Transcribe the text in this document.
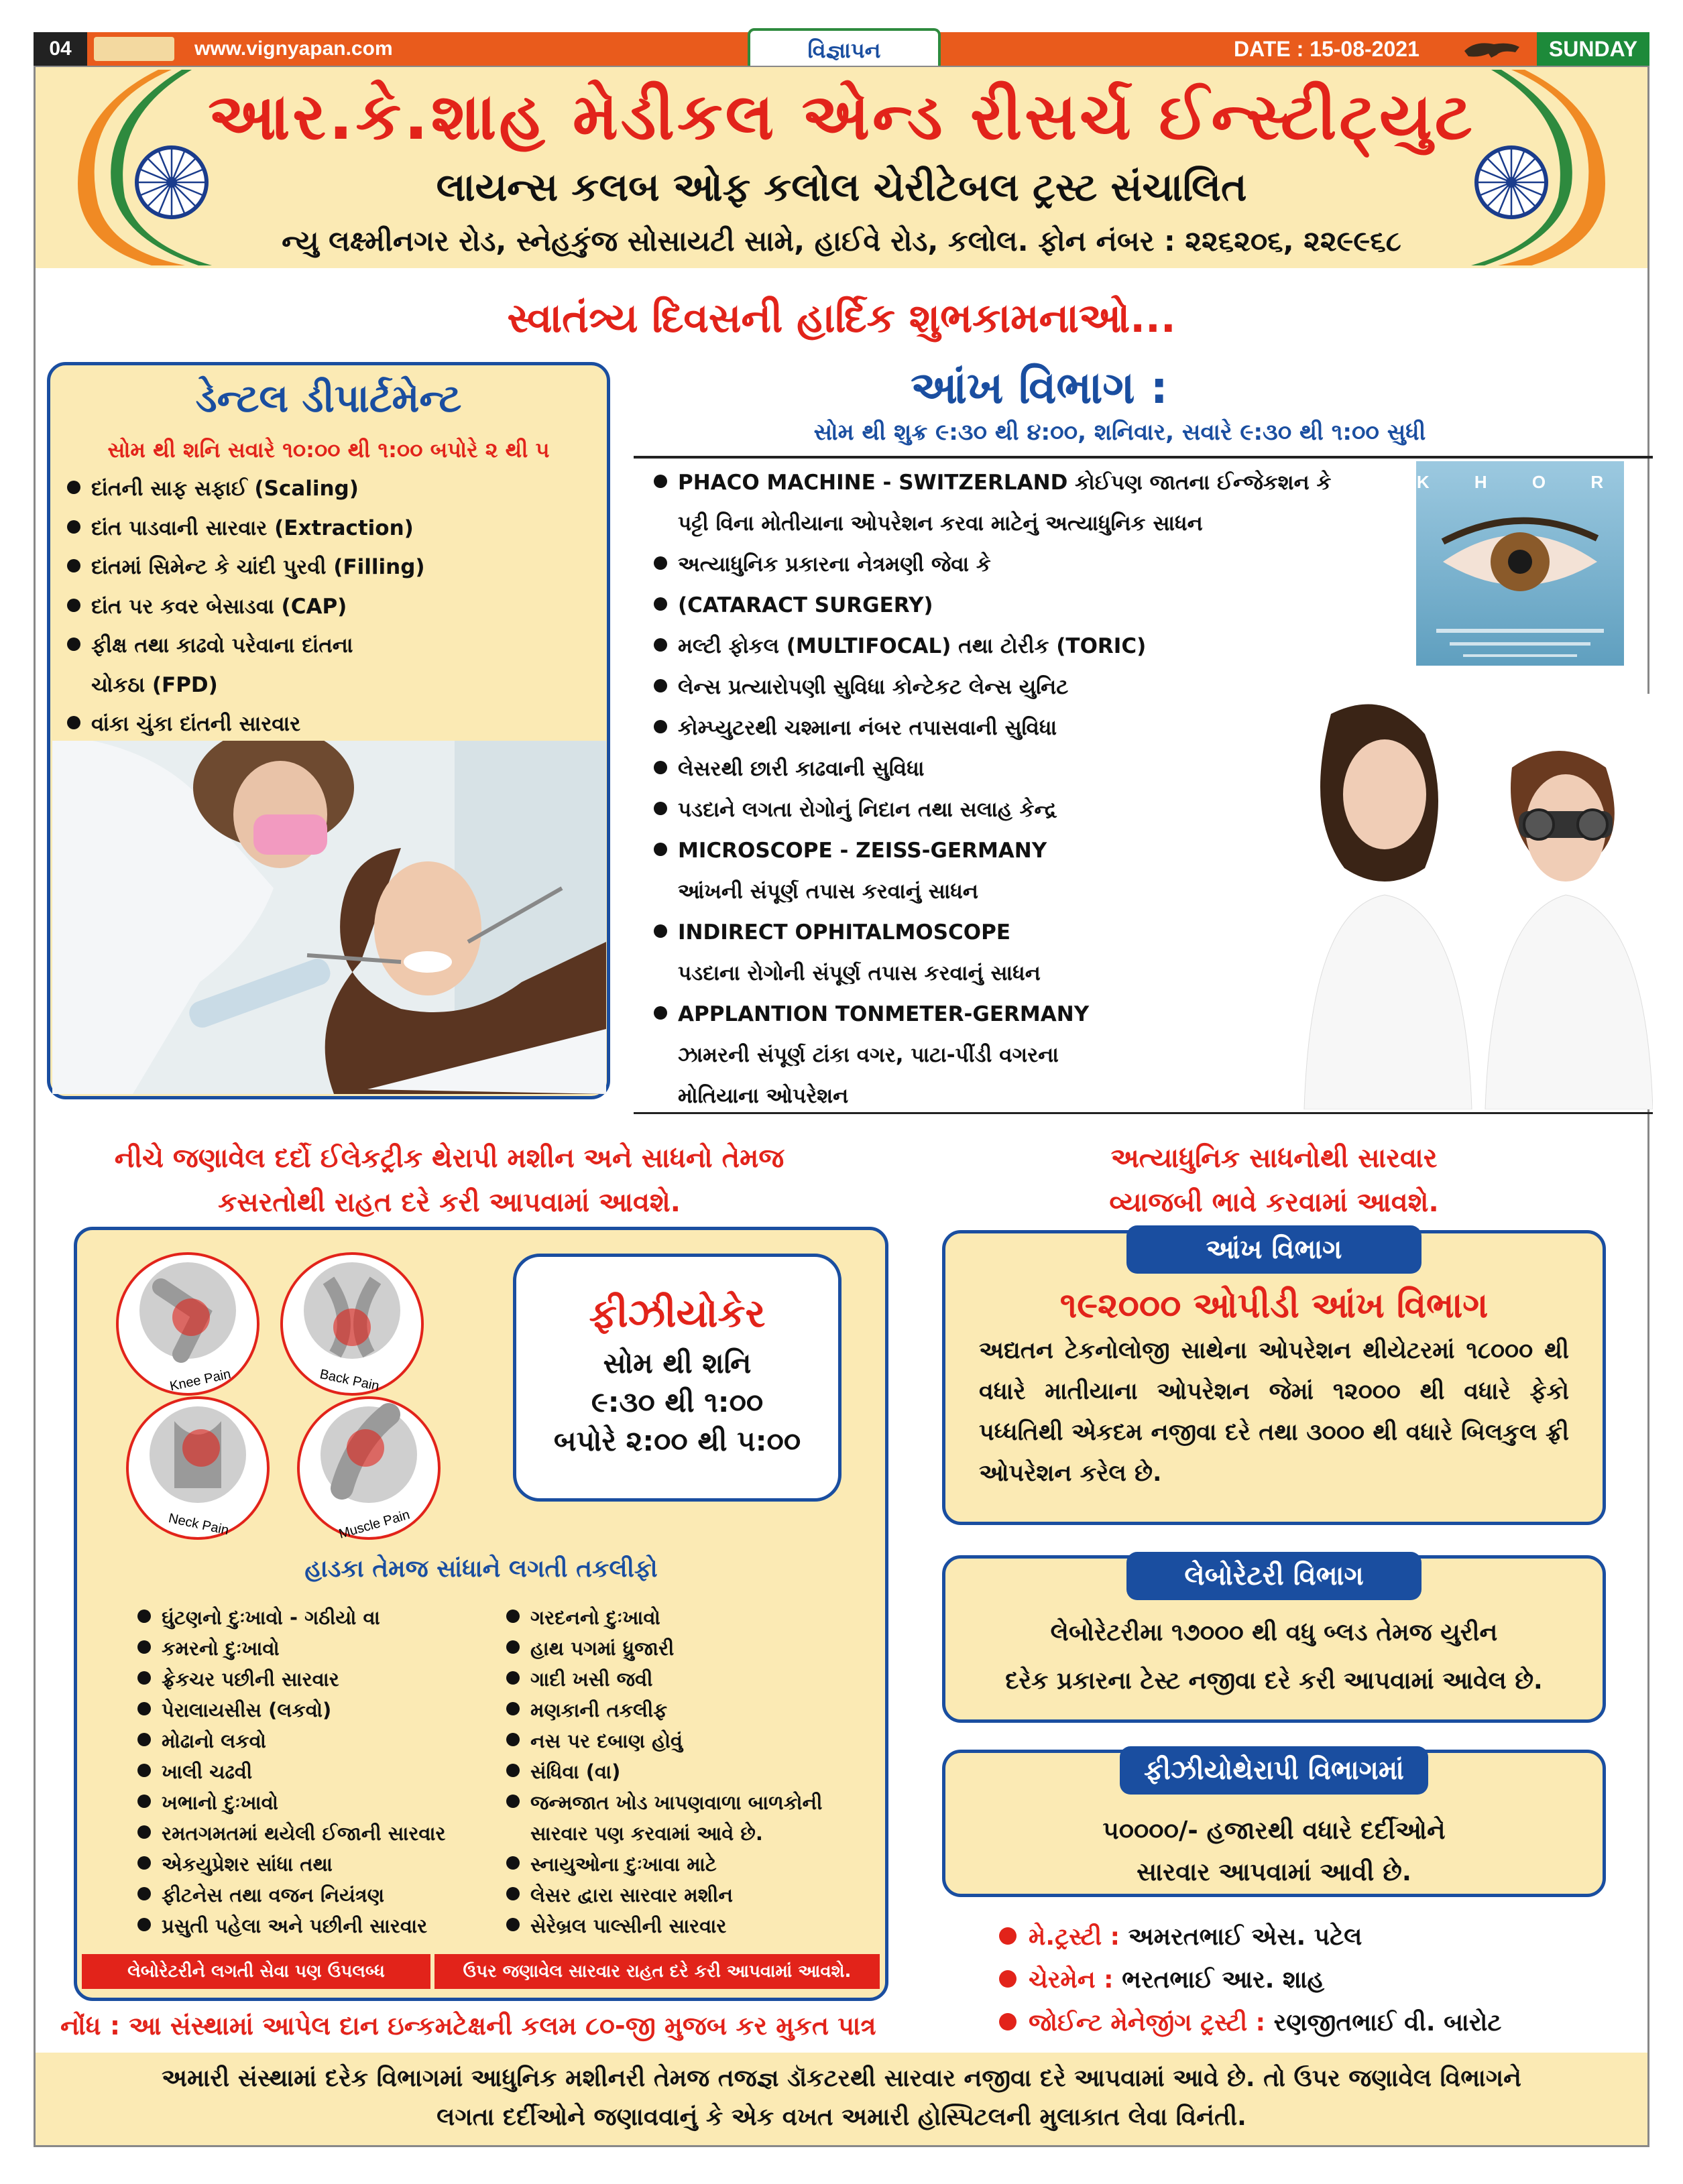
04	www.vignyapan.com	વિજ્ઞાપન	DATE : 15-08-2021	SUNDAY
આર.કે.શાહ મેડીકલ એન્ડ રીસર્ચ ઈન્સ્ટીટ્યુટ
લાયન્સ કલબ ઓફ કલોલ ચેરીટેબલ ટ્રસ્ટ સંચાલિત
ન્યુ લક્ષ્મીનગર રોડ, સ્નેહકુંજ સોસાયટી સામે, હાઈવે રોડ, કલોલ. ફોન નંબર : ૨૨૬૨૦૬, ૨૨૯૯૬૮
સ્વાતંત્ર્ય દિવસની હાર્દિક શુભકામનાઓ...
ડેન્ટલ ડીપાર્ટમેન્ટ
સોમ થી શનિ સવારે ૧૦:૦૦ થી ૧:૦૦ બપોરે ૨ થી ૫
દાંતની સાફ સફાઈ (Scaling)
દાંત પાડવાની સારવાર (Extraction)
દાંતમાં સિમેન્ટ કે ચાંદી પુરવી (Filling)
દાંત પર કવર બેસાડવા (CAP)
ફીક્ષ તથા કાઢવો પરેવાના દાંતના
ચોકઠા (FPD)
વાંકા ચુંકા દાંતની સારવાર
આંખ વિભાગ :
સોમ થી શુક્ર ૯:૩૦ થી ૪:૦૦, શનિવાર, સવારે ૯:૩૦ થી ૧:૦૦ સુધી
PHACO MACHINE - SWITZERLAND કોઈપણ જાતના ઈન્જેકશન કે
પટ્ટી વિના મોતીયાના ઓપરેશન કરવા માટેનું અત્યાધુનિક સાધન
અત્યાધુનિક પ્રકારના નેત્રમણી જેવા કે
(CATARACT SURGERY)
મલ્ટી ફોકલ (MULTIFOCAL) તથા ટોરીક (TORIC)
લેન્સ પ્રત્યારોપણી સુવિધા કોન્ટેકટ લેન્સ યુનિટ
કોમ્પ્યુટરથી ચશ્માના નંબર તપાસવાની સુવિધા
લેસરથી છારી કાઢવાની સુવિધા
પડદાને લગતા રોગોનું નિદાન તથા સલાહ કેન્દ્ર
MICROSCOPE - ZEISS-GERMANY
આંખની સંપૂર્ણ તપાસ કરવાનું સાધન
INDIRECT OPHITALMOSCOPE
પડદાના રોગોની સંપૂર્ણ તપાસ કરવાનું સાધન
APPLANTION TONMETER-GERMANY
ઝામરની સંપૂર્ણ ટાંકા વગર, પાટા-પીંડી વગરના
મોતિયાના ઓપરેશન
K H O R
નીચે જણાવેલ દર્દો ઈલેકટ્રીક થેરાપી મશીન અને સાધનો તેમજ
કસરતોથી રાહત દરે કરી આપવામાં આવશે.
અત્યાધુનિક સાધનોથી સારવાર
વ્યાજબી ભાવે કરવામાં આવશે.
Knee Pain	Back Pain
Neck Pain	Muscle Pain
ફીઝીયોકેર
સોમ થી શનિ
૯:૩૦ થી ૧:૦૦
બપોરે ૨:૦૦ થી ૫:૦૦
હાડકા તેમજ સાંધાને લગતી તકલીફો
ઘુંટણનો દુઃખાવો - ગઠીયો વા
કમરનો દુઃખાવો
ફ્રેકચર પછીની સારવાર
પેરાલાયસીસ (લકવો)
મોઢાનો લકવો
ખાલી ચઢવી
ખભાનો દુઃખાવો
રમતગમતમાં થયેલી ઈજાની સારવાર
એકયુપ્રેશર સાંધા તથા
ફીટનેસ તથા વજન નિયંત્રણ
પ્રસુતી પહેલા અને પછીની સારવાર
ગરદનનો દુઃખાવો
હાથ પગમાં ધ્રુજારી
ગાદી ખસી જવી
મણકાની તકલીફ
નસ પર દબાણ હોવું
સંધિવા (વા)
જન્મજાત ખોડ ખાપણવાળા બાળકોની
સારવાર પણ કરવામાં આવે છે.
સ્નાયુઓના દુઃખાવા માટે
લેસર દ્વારા સારવાર મશીન
સેરેબ્રલ પાલ્સીની સારવાર
લેબોરેટરીને લગતી સેવા પણ ઉપલબ્ધ	ઉપર જણાવેલ સારવાર રાહત દરે કરી આપવામાં આવશે.
નોંધ : આ સંસ્થામાં આપેલ દાન ઇન્કમટેક્ષની કલમ ૮૦-જી મુજબ કર મુકત પાત્ર
આંખ વિભાગ
૧૯૨૦૦૦ ઓપીડી આંખ વિભાગ
અદ્યતન ટેકનોલોજી સાથેના ઓપરેશન થીયેટરમાં ૧૮૦૦૦ થી વધારે માતીયાના ઓપરેશન જેમાં ૧૨૦૦૦ થી વધારે ફેકો પધ્ધતિથી એકદમ નજીવા દરે તથા ૩૦૦૦ થી વધારે બિલકુલ ફ્રી ઓપરેશન કરેલ છે.
લેબોરેટરી વિભાગ
લેબોરેટરીમા ૧૭૦૦૦ થી વધુ બ્લડ તેમજ યુરીન
દરેક પ્રકારના ટેસ્ટ નજીવા દરે કરી આપવામાં આવેલ છે.
ફીઝીયોથેરાપી વિભાગમાં
૫૦૦૦૦/- હજારથી વધારે દર્દીઓને
સારવાર આપવામાં આવી છે.
મે.ટ્રસ્ટી : અમરતભાઈ એસ. પટેલ
ચેરમેન : ભરતભાઈ આર. શાહ
જોઈન્ટ મેનેજીંગ ટ્રસ્ટી : રણજીતભાઈ વી. બારોટ
અમારી સંસ્થામાં દરેક વિભાગમાં આધુનિક મશીનરી તેમજ તજજ્ઞ ડૉકટરથી સારવાર નજીવા દરે આપવામાં આવે છે. તો ઉપર જણાવેલ વિભાગને
લગતા દર્દીઓને જણાવવાનું કે એક વખત અમારી હોસ્પિટલની મુલાકાત લેવા વિનંતી.
